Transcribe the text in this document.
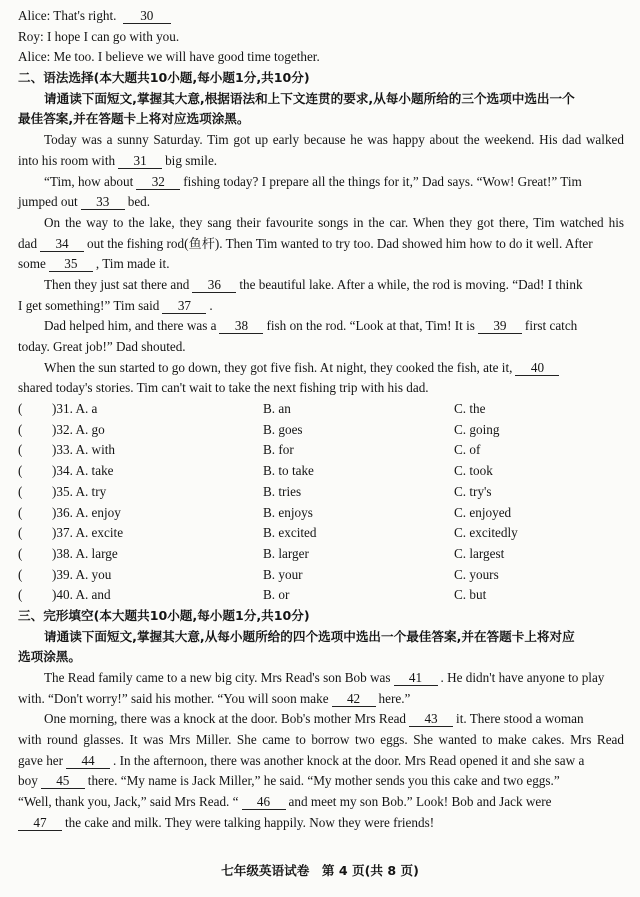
Alice: That's right. 30
Roy: I hope I can go with you.
Alice: Me too. I believe we will have good time together.
二、语法选择(本大题共10小题,每小题1分,共10分)
请通读下面短文,掌握其大意,根据语法和上下文连贯的要求,从每小题所给的三个选项中选出一个
最佳答案,并在答题卡上将对应选项涂黑。
Today was a sunny Saturday. Tim got up early because he was happy about the weekend. His dad walked
into his room with 31 big smile.
“Tim, how about 32 fishing today? I prepare all the things for it,” Dad says. “Wow! Great!” Tim
jumped out 33 bed.
On the way to the lake, they sang their favourite songs in the car. When they got there, Tim watched his
dad 34 out the fishing rod(鱼杆). Then Tim wanted to try too. Dad showed him how to do it well. After
some 35 , Tim made it.
Then they just sat there and 36 the beautiful lake. After a while, the rod is moving. “Dad! I think
I get something!” Tim said 37 .
Dad helped him, and there was a 38 fish on the rod. “Look at that, Tim! It is 39 first catch
today. Great job!” Dad shouted.
When the sun started to go down, they got five fish. At night, they cooked the fish, ate it, 40
shared today's stories. Tim can't wait to take the next fishing trip with his dad.
( )31. A. a	B. an	C. the
( )32. A. go	B. goes	C. going
( )33. A. with	B. for	C. of
( )34. A. take	B. to take	C. took
( )35. A. try	B. tries	C. try's
( )36. A. enjoy	B. enjoys	C. enjoyed
( )37. A. excite	B. excited	C. excitedly
( )38. A. large	B. larger	C. largest
( )39. A. you	B. your	C. yours
( )40. A. and	B. or	C. but
三、完形填空(本大题共10小题,每小题1分,共10分)
请通读下面短文,掌握其大意,从每小题所给的四个选项中选出一个最佳答案,并在答题卡上将对应
选项涂黑。
The Read family came to a new big city. Mrs Read's son Bob was 41 . He didn't have anyone to play
with. “Don't worry!” said his mother. “You will soon make 42 here.”
One morning, there was a knock at the door. Bob's mother Mrs Read 43 it. There stood a woman
with round glasses. It was Mrs Miller. She came to borrow two eggs. She wanted to make cakes. Mrs Read
gave her 44 . In the afternoon, there was another knock at the door. Mrs Read opened it and she saw a
boy 45 there. “My name is Jack Miller,” he said. “My mother sends you this cake and two eggs.”
“Well, thank you, Jack,” said Mrs Read. “ 46 and meet my son Bob.” Look! Bob and Jack were
47 the cake and milk. They were talking happily. Now they were friends!
七年级英语试卷　第 4 页(共 8 页)
